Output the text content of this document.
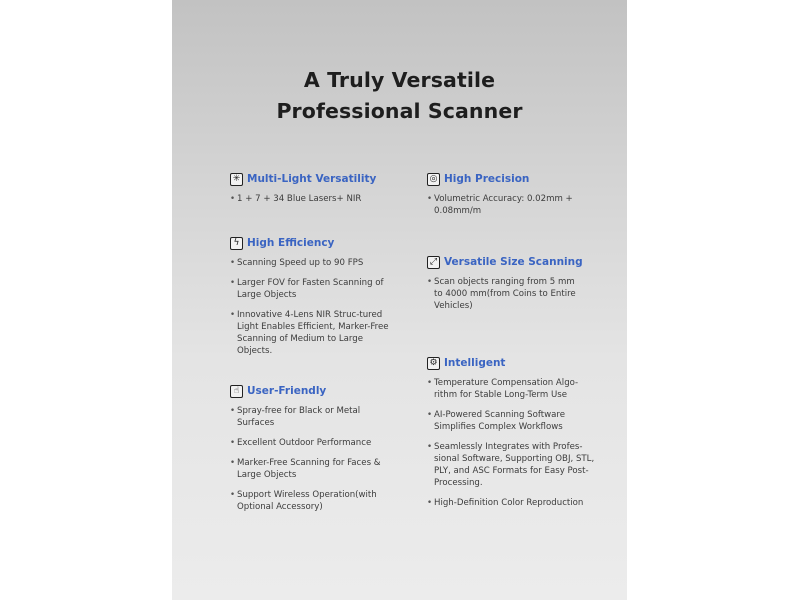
A Truly Versatile
Professional Scanner
✳ Multi-Light Versatility
• 1 + 7 + 34 Blue Lasers+ NIR
ϟ High Efficiency
• Scanning Speed up to 90 FPS
• Larger FOV for Fasten Scanning of Large Objects
• Innovative 4-Lens NIR Struc-tured Light Enables Efficient, Marker-Free Scanning of Medium to Large Objects.
☝ User-Friendly
• Spray-free for Black or Metal Surfaces
• Excellent Outdoor Performance
• Marker-Free Scanning for Faces & Large Objects
• Support Wireless Operation(with Optional Accessory)
◎ High Precision
• Volumetric Accuracy: 0.02mm + 0.08mm/m
⤢ Versatile Size Scanning
• Scan objects ranging from 5 mm to 4000 mm(from Coins to Entire Vehicles)
⚙ Intelligent
• Temperature Compensation Algo-rithm for Stable Long-Term Use
• AI-Powered Scanning Software Simplifies Complex Workflows
• Seamlessly Integrates with Profes-sional Software, Supporting OBJ, STL, PLY, and ASC Formats for Easy Post-Processing.
• High-Definition Color Reproduction
